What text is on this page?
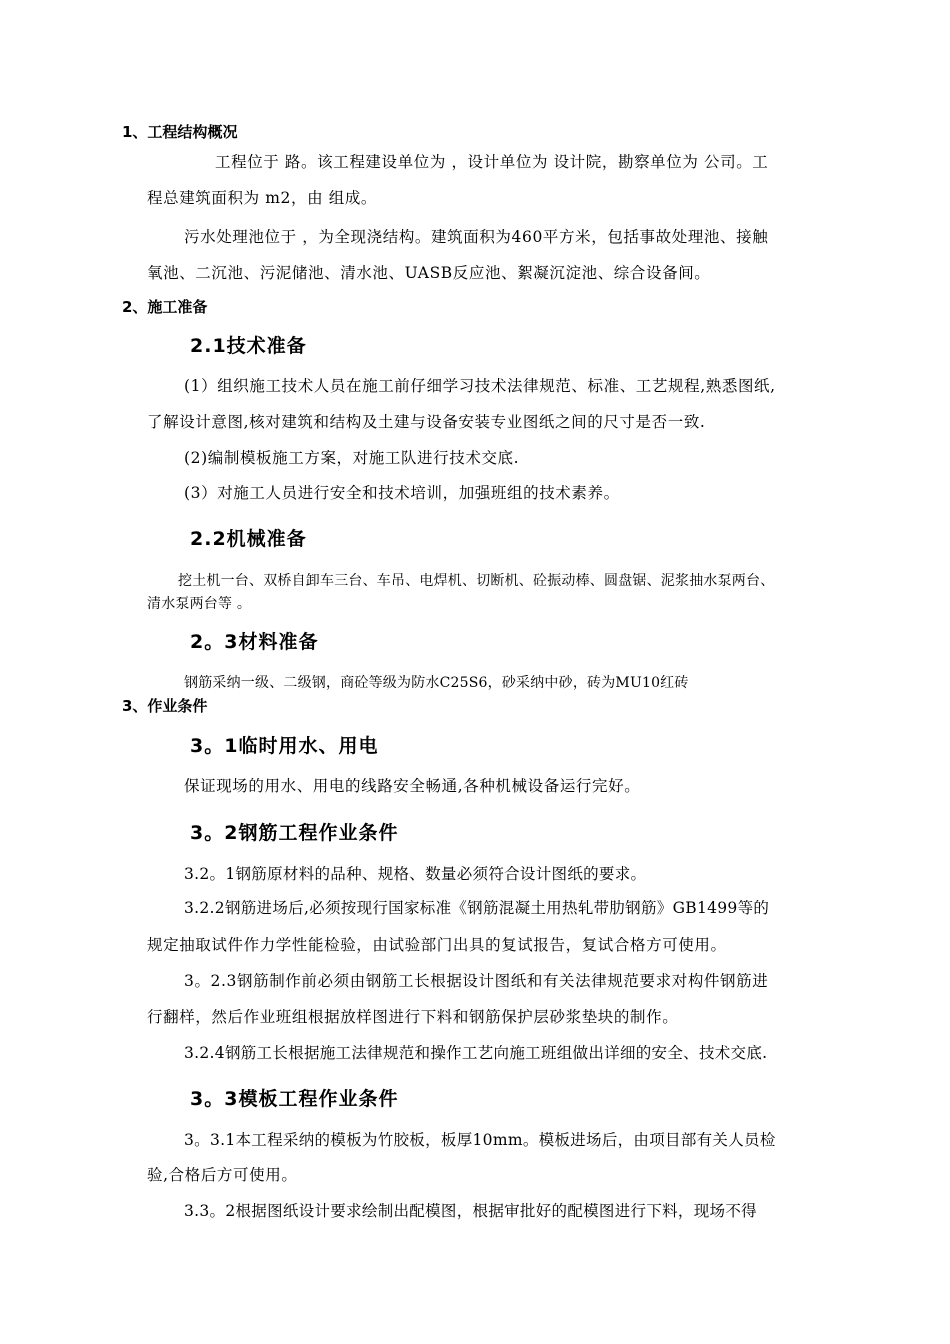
1、工程结构概况
工程位于 路。该工程建设单位为 ，设计单位为 设计院，勘察单位为 公司。工
程总建筑面积为 m2，由 组成。
污水处理池位于 ，为全现浇结构。建筑面积为460平方米，包括事故处理池、接触
氧池、二沉池、污泥储池、清水池、UASB反应池、絮凝沉淀池、综合设备间。
2、施工准备
2.1技术准备
(1）组织施工技术人员在施工前仔细学习技术法律规范、标准、工艺规程,熟悉图纸,
了解设计意图,核对建筑和结构及土建与设备安装专业图纸之间的尺寸是否一致.
(2)编制模板施工方案，对施工队进行技术交底.
(3）对施工人员进行安全和技术培训，加强班组的技术素养。
2.2机械准备
挖土机一台、双桥自卸车三台、车吊、电焊机、切断机、砼振动棒、圆盘锯、泥浆抽水泵两台、
清水泵两台等 。
2。3材料准备
钢筋采纳一级、二级钢，商砼等级为防水C25S6，砂采纳中砂，砖为MU10红砖
3、作业条件
3。1临时用水、用电
保证现场的用水、用电的线路安全畅通,各种机械设备运行完好。
3。2钢筋工程作业条件
3.2。1钢筋原材料的品种、规格、数量必须符合设计图纸的要求。
3.2.2钢筋进场后,必须按现行国家标准《钢筋混凝土用热轧带肋钢筋》GB1499等的
规定抽取试件作力学性能检验，由试验部门出具的复试报告，复试合格方可使用。
3。2.3钢筋制作前必须由钢筋工长根据设计图纸和有关法律规范要求对构件钢筋进
行翻样，然后作业班组根据放样图进行下料和钢筋保护层砂浆垫块的制作。
3.2.4钢筋工长根据施工法律规范和操作工艺向施工班组做出详细的安全、技术交底.
3。3模板工程作业条件
3。3.1本工程采纳的模板为竹胶板，板厚10mm。模板进场后，由项目部有关人员检
验,合格后方可使用。
3.3。2根据图纸设计要求绘制出配模图，根据审批好的配模图进行下料，现场不得
